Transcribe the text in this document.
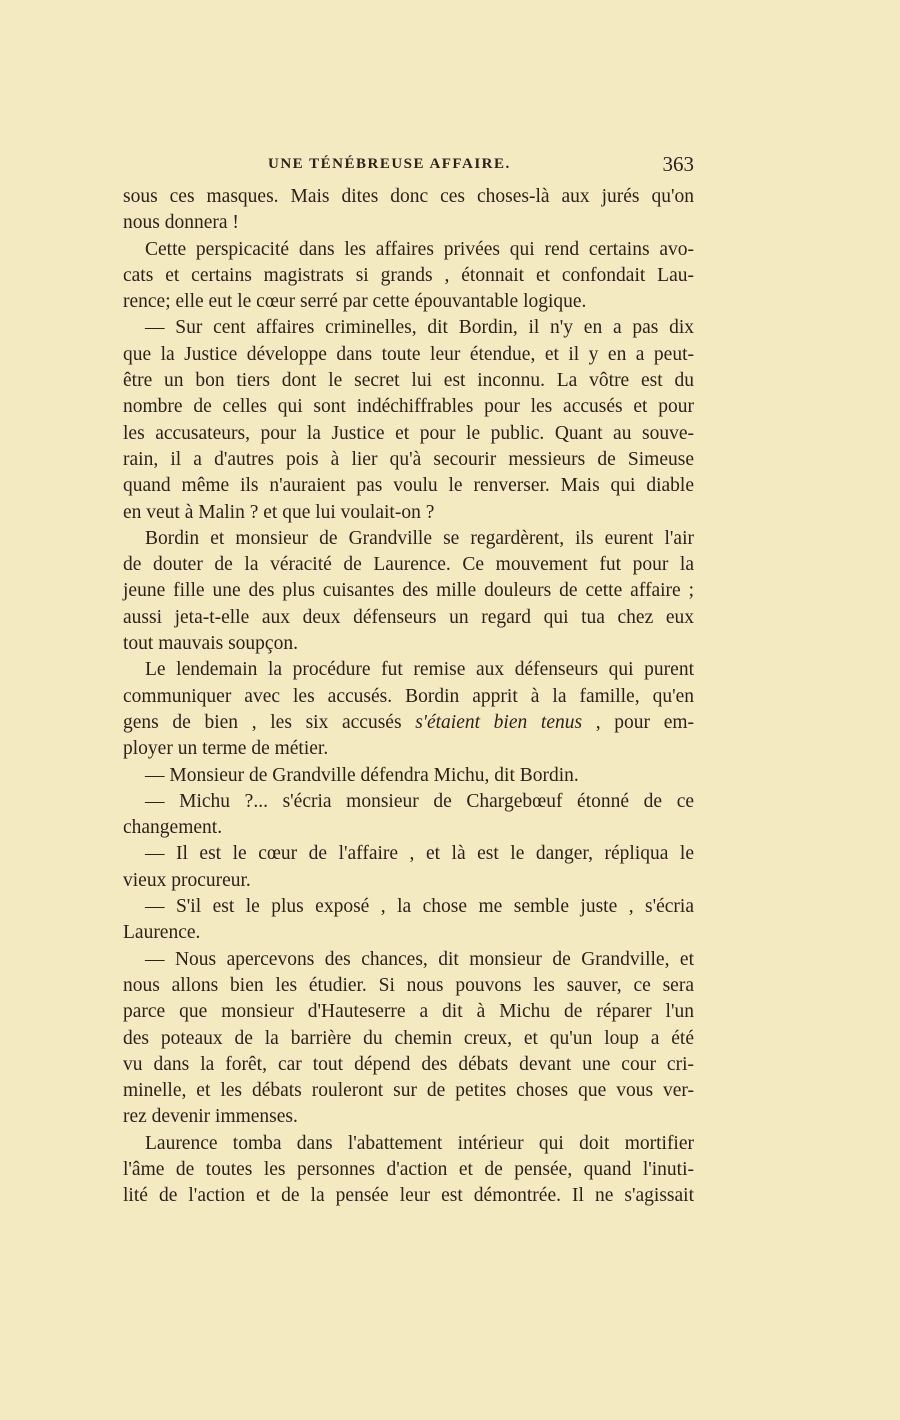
UNE TÉNÉBREUSE AFFAIRE.	363
sous ces masques. Mais dites donc ces choses-là aux jurés qu'on
nous donnera !
Cette perspicacité dans les affaires privées qui rend certains avo-
cats et certains magistrats si grands , étonnait et confondait Lau-
rence; elle eut le cœur serré par cette épouvantable logique.
— Sur cent affaires criminelles, dit Bordin, il n'y en a pas dix
que la Justice développe dans toute leur étendue, et il y en a peut-
être un bon tiers dont le secret lui est inconnu. La vôtre est du
nombre de celles qui sont indéchiffrables pour les accusés et pour
les accusateurs, pour la Justice et pour le public. Quant au souve-
rain, il a d'autres pois à lier qu'à secourir messieurs de Simeuse
quand même ils n'auraient pas voulu le renverser. Mais qui diable
en veut à Malin ? et que lui voulait-on ?
Bordin et monsieur de Grandville se regardèrent, ils eurent l'air
de douter de la véracité de Laurence. Ce mouvement fut pour la
jeune fille une des plus cuisantes des mille douleurs de cette affaire ;
aussi jeta-t-elle aux deux défenseurs un regard qui tua chez eux
tout mauvais soupçon.
Le lendemain la procédure fut remise aux défenseurs qui purent
communiquer avec les accusés. Bordin apprit à la famille, qu'en
gens de bien , les six accusés s'étaient bien tenus , pour em-
ployer un terme de métier.
— Monsieur de Grandville défendra Michu, dit Bordin.
— Michu ?... s'écria monsieur de Chargebœuf étonné de ce
changement.
— Il est le cœur de l'affaire , et là est le danger, répliqua le
vieux procureur.
— S'il est le plus exposé , la chose me semble juste , s'écria
Laurence.
— Nous apercevons des chances, dit monsieur de Grandville, et
nous allons bien les étudier. Si nous pouvons les sauver, ce sera
parce que monsieur d'Hauteserre a dit à Michu de réparer l'un
des poteaux de la barrière du chemin creux, et qu'un loup a été
vu dans la forêt, car tout dépend des débats devant une cour cri-
minelle, et les débats rouleront sur de petites choses que vous ver-
rez devenir immenses.
Laurence tomba dans l'abattement intérieur qui doit mortifier
l'âme de toutes les personnes d'action et de pensée, quand l'inuti-
lité de l'action et de la pensée leur est démontrée. Il ne s'agissait
